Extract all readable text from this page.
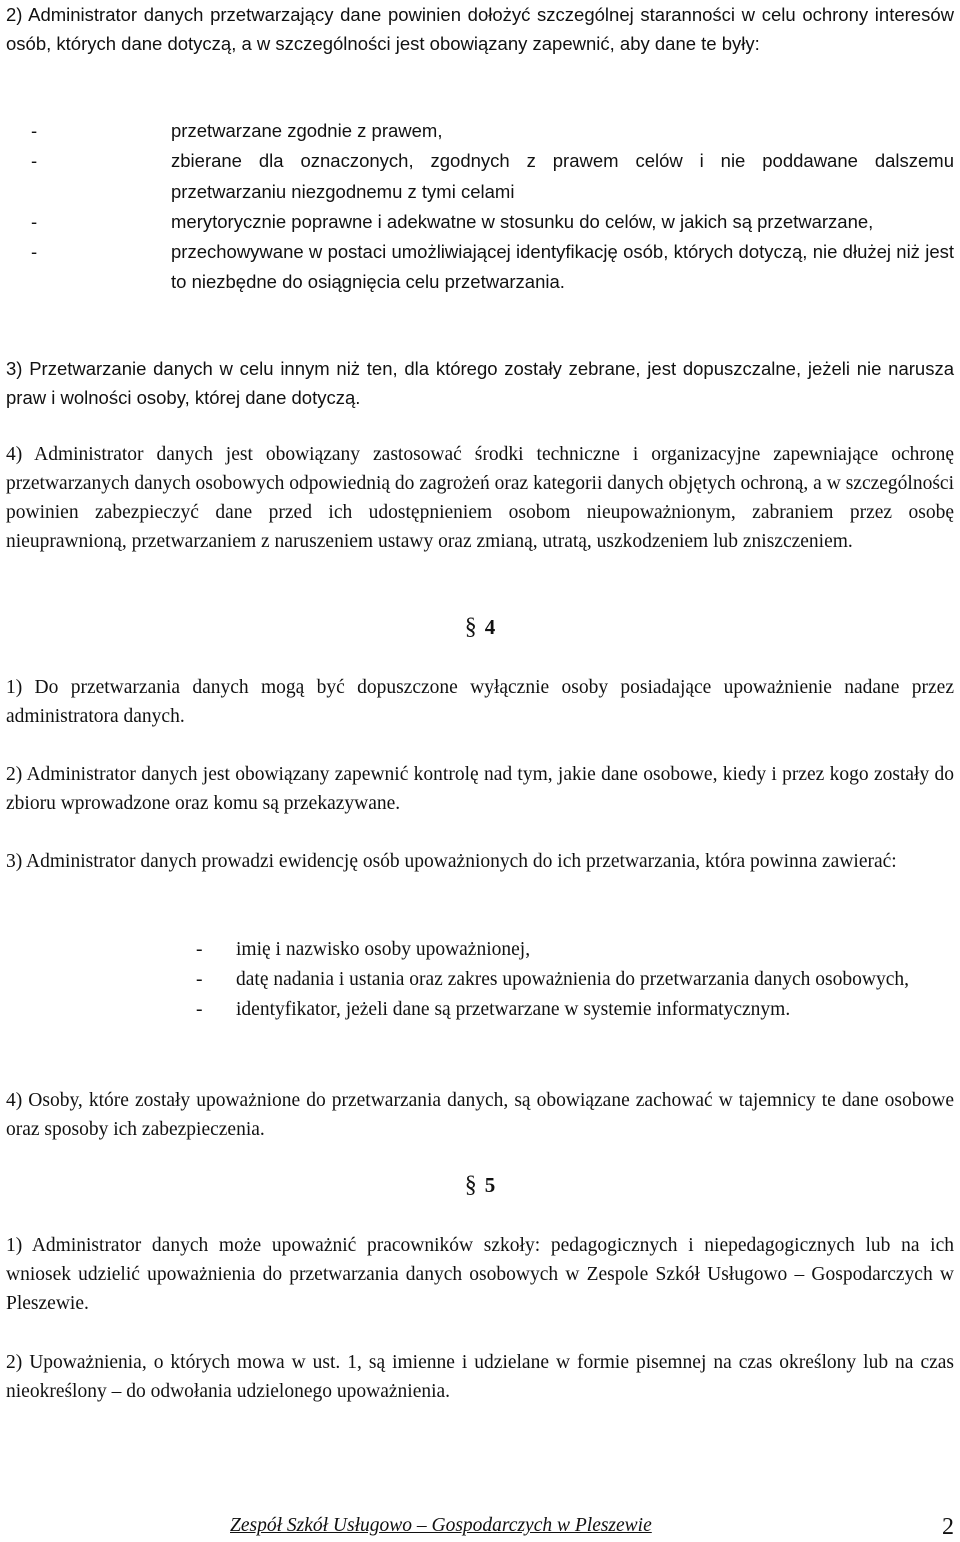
2) Administrator danych przetwarzający dane powinien dołożyć szczególnej staranności w celu ochrony interesów osób, których dane dotyczą, a w szczególności jest obowiązany zapewnić, aby dane te były:

-	przetwarzane zgodnie z prawem,
-	zbierane dla oznaczonych, zgodnych z prawem celów i nie poddawane dalszemu przetwarzaniu niezgodnemu z tymi celami
-	merytorycznie poprawne i adekwatne w stosunku do celów, w jakich są przetwarzane,
-	przechowywane w postaci umożliwiającej identyfikację osób, których dotyczą, nie dłużej niż jest to niezbędne do osiągnięcia celu przetwarzania.

3) Przetwarzanie danych w celu innym niż ten, dla którego zostały zebrane, jest dopuszczalne, jeżeli nie narusza praw i wolności osoby, której dane dotyczą.

4) Administrator danych jest obowiązany zastosować środki techniczne i organizacyjne zapewniające ochronę przetwarzanych danych osobowych odpowiednią do zagrożeń oraz kategorii danych objętych ochroną, a w szczególności powinien zabezpieczyć dane przed ich udostępnieniem osobom nieupoważnionym, zabraniem przez osobę nieuprawnioną, przetwarzaniem z naruszeniem ustawy oraz zmianą, utratą, uszkodzeniem lub zniszczeniem.

§ 4

1) Do przetwarzania danych mogą być dopuszczone wyłącznie osoby posiadające upoważnienie nadane przez administratora danych.

2) Administrator danych jest obowiązany zapewnić kontrolę nad tym, jakie dane osobowe, kiedy i przez kogo zostały do zbioru wprowadzone oraz komu są przekazywane.

3) Administrator danych prowadzi ewidencję osób upoważnionych do ich przetwarzania, która powinna zawierać:

- imię i nazwisko osoby upoważnionej,
- datę nadania i ustania oraz zakres upoważnienia do przetwarzania danych osobowych,
- identyfikator, jeżeli dane są przetwarzane w systemie informatycznym.

4) Osoby, które zostały upoważnione do przetwarzania danych, są obowiązane zachować w tajemnicy te dane osobowe oraz sposoby ich zabezpieczenia.

§ 5

1) Administrator danych może upoważnić pracowników szkoły: pedagogicznych i niepedagogicznych lub na ich wniosek udzielić upoważnienia do przetwarzania danych osobowych w Zespole Szkół Usługowo – Gospodarczych w Pleszewie.

2) Upoważnienia, o których mowa w ust. 1, są imienne i udzielane w formie pisemnej na czas określony lub na czas nieokreślony – do odwołania udzielonego upoważnienia.

Zespół Szkół Usługowo – Gospodarczych w Pleszewie	2
